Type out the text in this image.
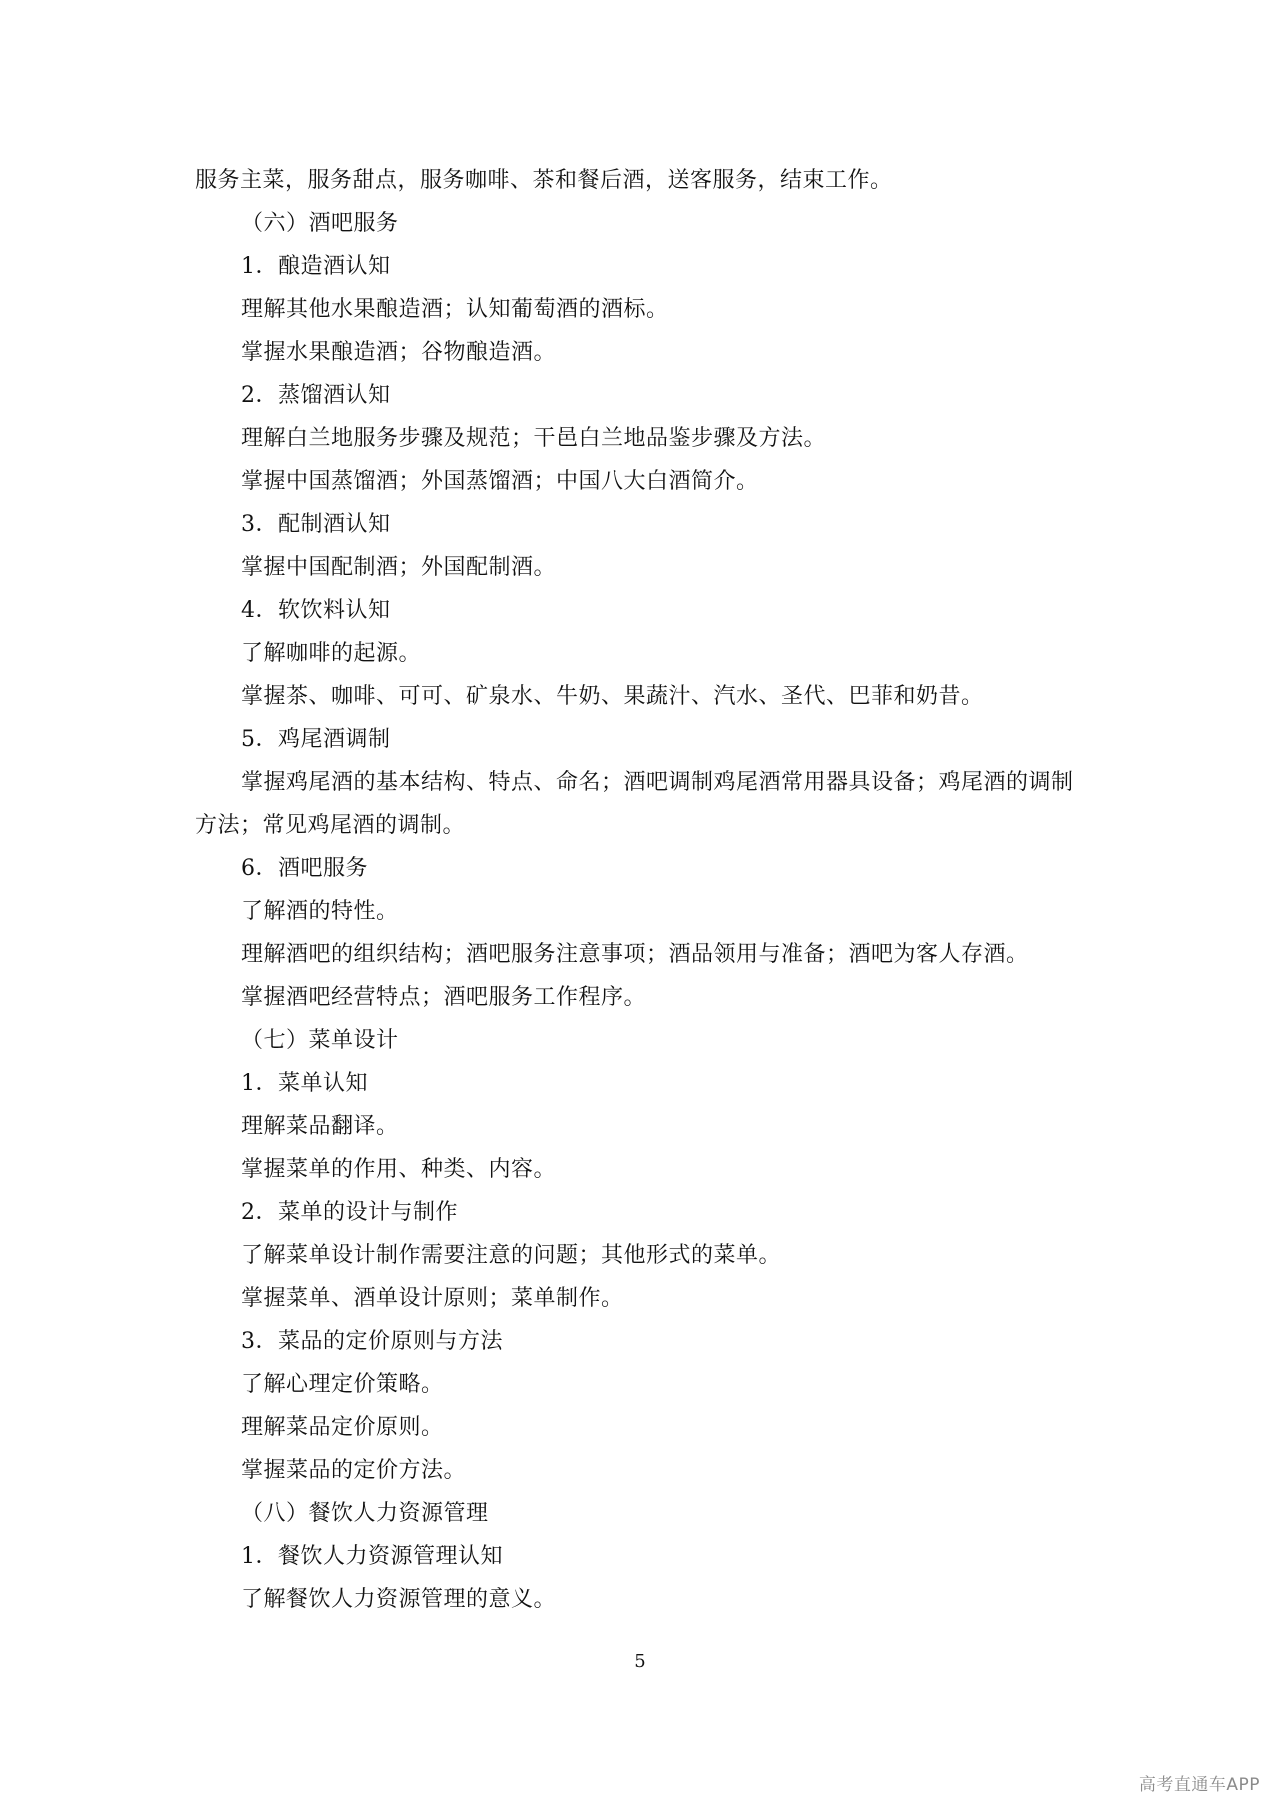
服务主菜，服务甜点，服务咖啡、茶和餐后酒，送客服务，结束工作。
（六）酒吧服务
1．酿造酒认知
理解其他水果酿造酒；认知葡萄酒的酒标。
掌握水果酿造酒；谷物酿造酒。
2．蒸馏酒认知
理解白兰地服务步骤及规范；干邑白兰地品鉴步骤及方法。
掌握中国蒸馏酒；外国蒸馏酒；中国八大白酒简介。
3．配制酒认知
掌握中国配制酒；外国配制酒。
4．软饮料认知
了解咖啡的起源。
掌握茶、咖啡、可可、矿泉水、牛奶、果蔬汁、汽水、圣代、巴菲和奶昔。
5．鸡尾酒调制
掌握鸡尾酒的基本结构、特点、命名；酒吧调制鸡尾酒常用器具设备；鸡尾酒的调制方法；常见鸡尾酒的调制。
6．酒吧服务
了解酒的特性。
理解酒吧的组织结构；酒吧服务注意事项；酒品领用与准备；酒吧为客人存酒。
掌握酒吧经营特点；酒吧服务工作程序。
（七）菜单设计
1．菜单认知
理解菜品翻译。
掌握菜单的作用、种类、内容。
2．菜单的设计与制作
了解菜单设计制作需要注意的问题；其他形式的菜单。
掌握菜单、酒单设计原则；菜单制作。
3．菜品的定价原则与方法
了解心理定价策略。
理解菜品定价原则。
掌握菜品的定价方法。
（八）餐饮人力资源管理
1．餐饮人力资源管理认知
了解餐饮人力资源管理的意义。
5
高考直通车APP
